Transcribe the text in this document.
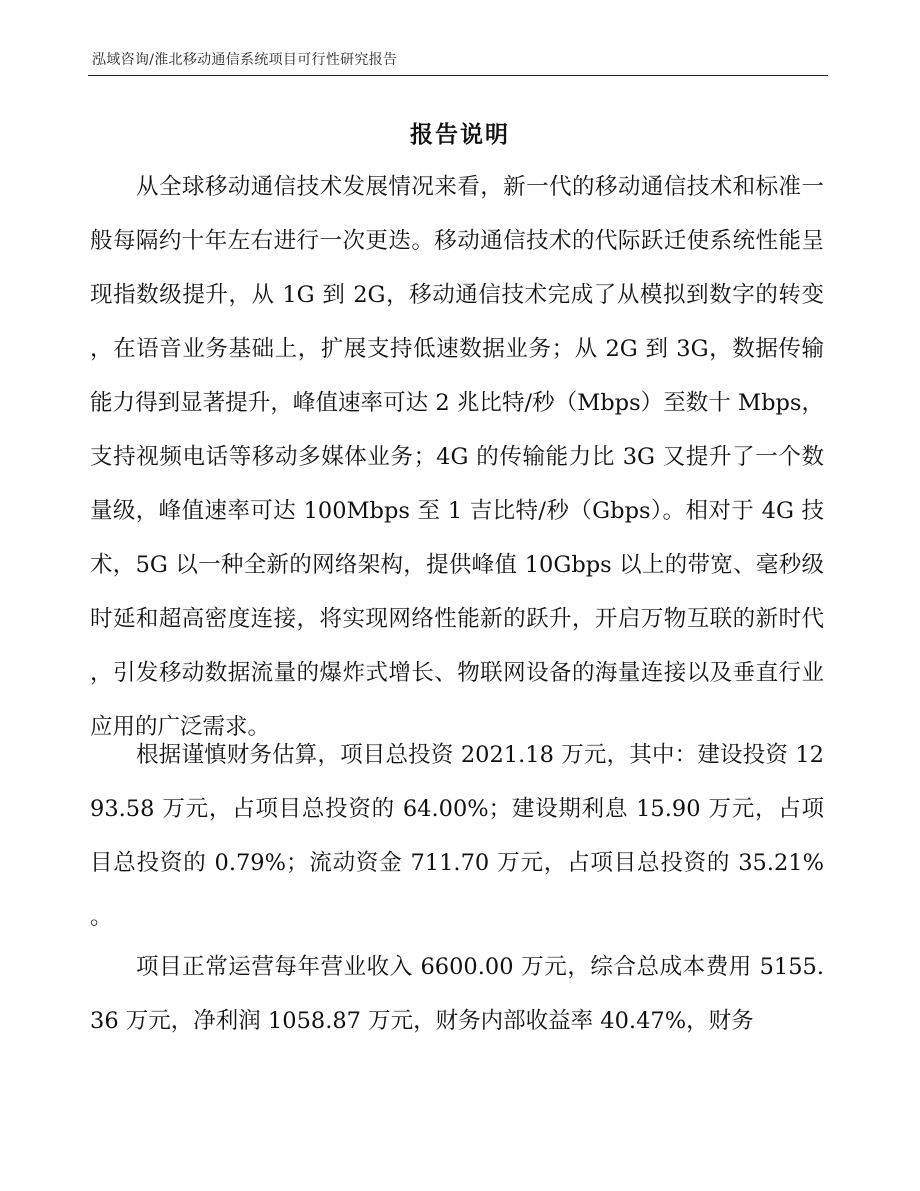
泓域咨询/淮北移动通信系统项目可行性研究报告
报告说明

从全球移动通信技术发展情况来看，新一代的移动通信技术和标准一般每隔约十年左右进行一次更迭。移动通信技术的代际跃迁使系统性能呈现指数级提升，从 1G 到 2G，移动通信技术完成了从模拟到数字的转变，在语音业务基础上，扩展支持低速数据业务；从 2G 到 3G，数据传输能力得到显著提升，峰值速率可达 2 兆比特/秒（Mbps）至数十 Mbps，支持视频电话等移动多媒体业务；4G 的传输能力比 3G 又提升了一个数量级，峰值速率可达 100Mbps 至 1 吉比特/秒（Gbps）。相对于 4G 技术，5G 以一种全新的网络架构，提供峰值 10Gbps 以上的带宽、毫秒级时延和超高密度连接，将实现网络性能新的跃升，开启万物互联的新时代，引发移动数据流量的爆炸式增长、物联网设备的海量连接以及垂直行业应用的广泛需求。

根据谨慎财务估算，项目总投资 2021.18 万元，其中：建设投资 1293.58 万元，占项目总投资的 64.00%；建设期利息 15.90 万元，占项目总投资的 0.79%；流动资金 711.70 万元，占项目总投资的 35.21%。

项目正常运营每年营业收入 6600.00 万元，综合总成本费用 5155.36 万元，净利润 1058.87 万元，财务内部收益率 40.47%，财务
